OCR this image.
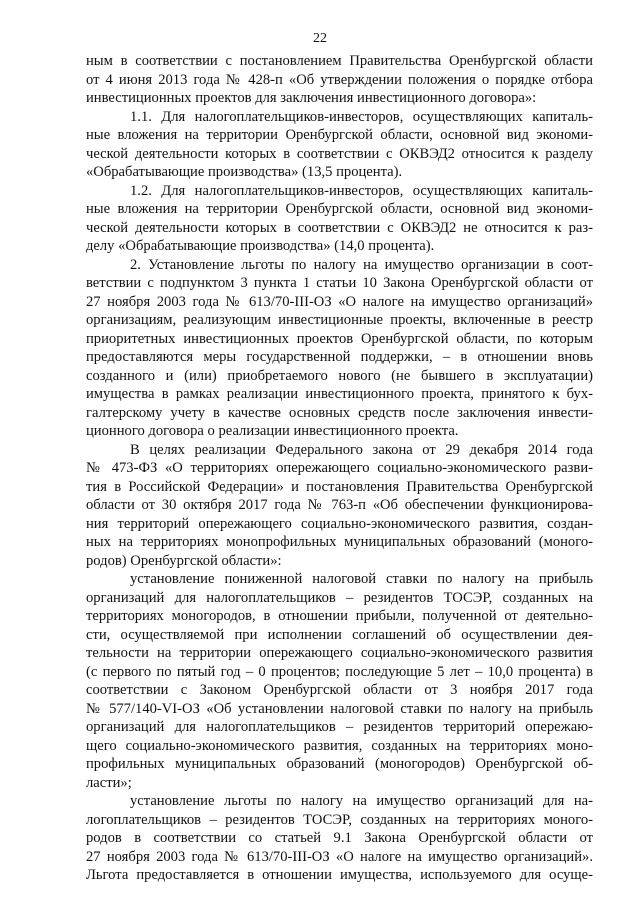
22
ным в соответствии с постановлением Правительства Оренбургской области
от 4 июня 2013 года № 428-п «Об утверждении положения о порядке отбора
инвестиционных проектов для заключения инвестиционного договора»:
1.1. Для налогоплательщиков-инвесторов, осуществляющих капиталь-
ные вложения на территории Оренбургской области, основной вид экономи-
ческой деятельности которых в соответствии с ОКВЭД2 относится к разделу
«Обрабатывающие производства» (13,5 процента).
1.2. Для налогоплательщиков-инвесторов, осуществляющих капиталь-
ные вложения на территории Оренбургской области, основной вид экономи-
ческой деятельности которых в соответствии с ОКВЭД2 не относится к раз-
делу «Обрабатывающие производства» (14,0 процента).
2. Установление льготы по налогу на имущество организации в соот-
ветствии с подпунктом 3 пункта 1 статьи 10 Закона Оренбургской области от
27 ноября 2003 года № 613/70-III-ОЗ «О налоге на имущество организаций»
организациям, реализующим инвестиционные проекты, включенные в реестр
приоритетных инвестиционных проектов Оренбургской области, по которым
предоставляются меры государственной поддержки, – в отношении вновь
созданного и (или) приобретаемого нового (не бывшего в эксплуатации)
имущества в рамках реализации инвестиционного проекта, принятого к бух-
галтерскому учету в качестве основных средств после заключения инвести-
ционного договора о реализации инвестиционного проекта.
В целях реализации Федерального закона от 29 декабря 2014 года
№ 473-ФЗ «О территориях опережающего социально-экономического разви-
тия в Российской Федерации» и постановления Правительства Оренбургской
области от 30 октября 2017 года № 763-п «Об обеспечении функционирова-
ния территорий опережающего социально-экономического развития, создан-
ных на территориях монопрофильных муниципальных образований (моного-
родов) Оренбургской области»:
установление пониженной налоговой ставки по налогу на прибыль
организаций для налогоплательщиков – резидентов ТОСЭР, созданных на
территориях моногородов, в отношении прибыли, полученной от деятельно-
сти, осуществляемой при исполнении соглашений об осуществлении дея-
тельности на территории опережающего социально-экономического развития
(с первого по пятый год – 0 процентов; последующие 5 лет – 10,0 процента) в
соответствии с Законом Оренбургской области от 3 ноября 2017 года
№ 577/140-VI-ОЗ «Об установлении налоговой ставки по налогу на прибыль
организаций для налогоплательщиков – резидентов территорий опережаю-
щего социально-экономического развития, созданных на территориях моно-
профильных муниципальных образований (моногородов) Оренбургской об-
ласти»;
установление льготы по налогу на имущество организаций для на-
логоплательщиков – резидентов ТОСЭР, созданных на территориях моного-
родов в соответствии со статьей 9.1 Закона Оренбургской области от
27 ноября 2003 года № 613/70-III-ОЗ «О налоге на имущество организаций».
Льгота предоставляется в отношении имущества, используемого для осуще-
